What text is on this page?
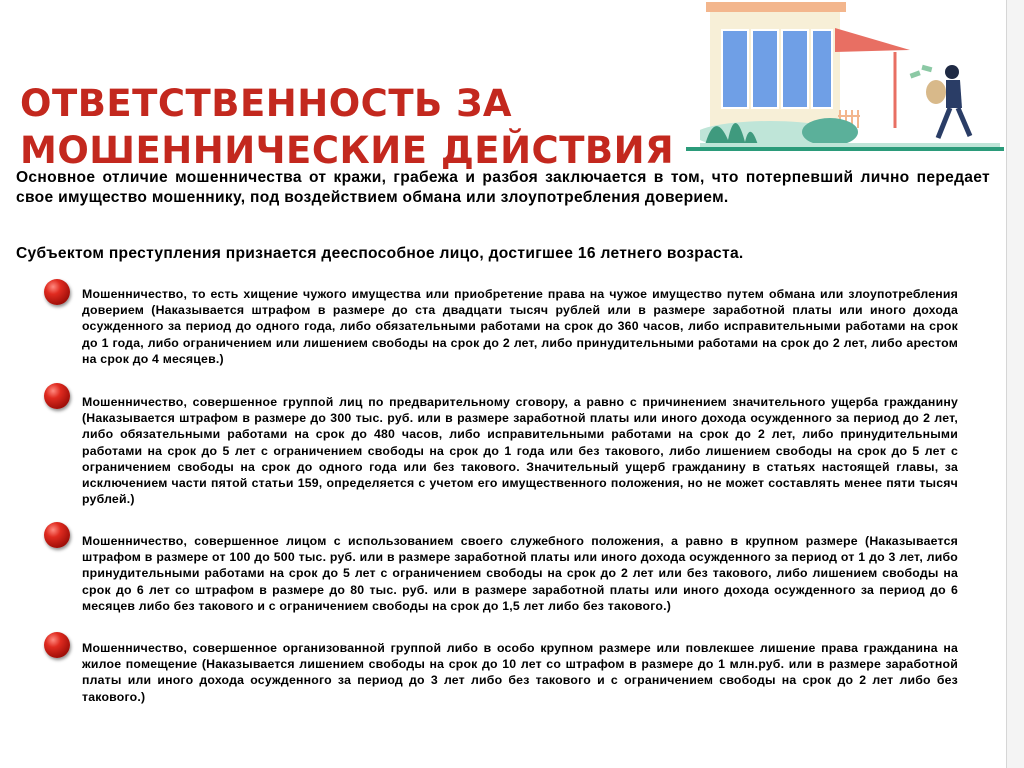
ОТВЕТСТВЕННОСТЬ ЗА
МОШЕННИЧЕСКИЕ ДЕЙСТВИЯ

Основное отличие мошенничества от кражи, грабежа и разбоя заключается в том, что потерпевший лично передает свое имущество мошеннику, под воздействием обмана или злоупотребления доверием.

Субъектом преступления признается дееспособное лицо, достигшее 16 летнего возраста.

Мошенничество, то есть хищение чужого имущества или приобретение права на чужое имущество путем обмана или злоупотребления доверием (Наказывается штрафом в размере до ста двадцати тысяч рублей или в размере заработной платы или иного дохода осужденного за период до одного года, либо обязательными работами на срок до 360 часов, либо исправительными работами на срок до 1 года, либо ограничением или лишением свободы на срок до 2 лет, либо принудительными работами на срок до 2 лет, либо арестом на срок до 4 месяцев.)

Мошенничество, совершенное группой лиц по предварительному сговору, а равно с причинением значительного ущерба гражданину (Наказывается штрафом в размере до 300 тыс. руб. или в размере заработной платы или иного дохода осужденного за период до 2 лет, либо обязательными работами на срок до 480 часов, либо исправительными работами на срок до 2 лет, либо принудительными работами на срок до 5 лет с ограничением свободы на срок до 1 года или без такового, либо лишением свободы на срок до 5 лет с ограничением свободы на срок до одного года или без такового. Значительный ущерб гражданину в статьях настоящей главы, за исключением части пятой статьи 159, определяется с учетом его имущественного положения, но не может составлять менее пяти тысяч рублей.)

Мошенничество, совершенное лицом с использованием своего служебного положения, а равно в крупном размере (Наказывается штрафом в размере от 100 до 500 тыс. руб. или в размере заработной платы или иного дохода осужденного за период от 1 до 3 лет, либо принудительными работами на срок до 5 лет с ограничением свободы на срок до 2 лет или без такового, либо лишением свободы на срок до 6 лет со штрафом в размере до 80 тыс. руб. или в размере заработной платы или иного дохода осужденного за период до 6 месяцев либо без такового и с ограничением свободы на срок до 1,5 лет либо без такового.)

Мошенничество, совершенное организованной группой либо в особо крупном размере или повлекшее лишение права гражданина на жилое помещение (Наказывается лишением свободы на срок до 10 лет со штрафом в размере до 1 млн.руб. или в размере заработной платы или иного дохода осужденного за период до 3 лет либо без такового и с ограничением свободы на срок до 2 лет либо без такового.)
